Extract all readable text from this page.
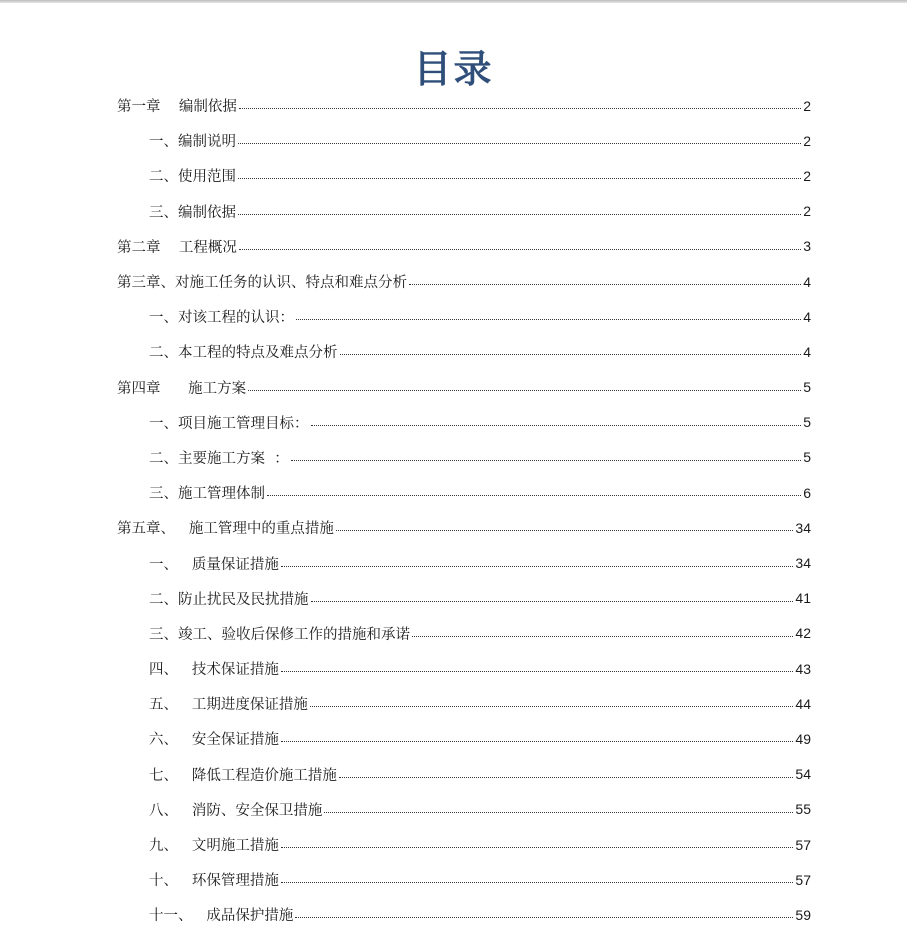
目录
第一章    编制依据	2
一、编制说明	2
二、使用范围	2
三、编制依据	2
第二章    工程概况	3
第三章、对施工任务的认识、特点和难点分析	4
一、对该工程的认识：	4
二、本工程的特点及难点分析	4
第四章      施工方案	5
一、项目施工管理目标：	5
二、主要施工方案  ：	5
三、施工管理体制	6
第五章、   施工管理中的重点措施	34
一、   质量保证措施	34
二、防止扰民及民扰措施	41
三、竣工、验收后保修工作的措施和承诺	42
四、   技术保证措施	43
五、   工期进度保证措施	44
六、   安全保证措施	49
七、   降低工程造价施工措施	54
八、   消防、安全保卫措施	55
九、   文明施工措施	57
十、   环保管理措施	57
十一、   成品保护措施	59
